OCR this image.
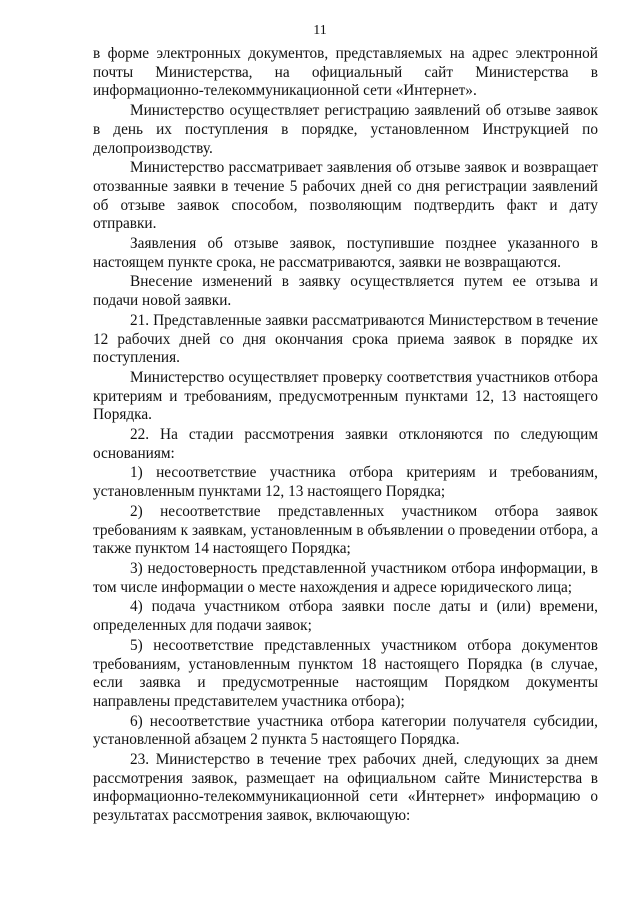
11

в форме электронных документов, представляемых на адрес электронной почты Министерства, на официальный сайт Министерства в информационно-телекоммуникационной сети «Интернет».

Министерство осуществляет регистрацию заявлений об отзыве заявок в день их поступления в порядке, установленном Инструкцией по делопроизводству.

Министерство рассматривает заявления об отзыве заявок и возвращает отозванные заявки в течение 5 рабочих дней со дня регистрации заявлений об отзыве заявок способом, позволяющим подтвердить факт и дату отправки.

Заявления об отзыве заявок, поступившие позднее указанного в настоящем пункте срока, не рассматриваются, заявки не возвращаются.

Внесение изменений в заявку осуществляется путем ее отзыва и подачи новой заявки.

21. Представленные заявки рассматриваются Министерством в течение 12 рабочих дней со дня окончания срока приема заявок в порядке их поступления.

Министерство осуществляет проверку соответствия участников отбора критериям и требованиям, предусмотренным пунктами 12, 13 настоящего Порядка.

22. На стадии рассмотрения заявки отклоняются по следующим основаниям:

1) несоответствие участника отбора критериям и требованиям, установленным пунктами 12, 13 настоящего Порядка;

2) несоответствие представленных участником отбора заявок требованиям к заявкам, установленным в объявлении о проведении отбора, а также пунктом 14 настоящего Порядка;

3) недостоверность представленной участником отбора информации, в том числе информации о месте нахождения и адресе юридического лица;

4) подача участником отбора заявки после даты и (или) времени, определенных для подачи заявок;

5) несоответствие представленных участником отбора документов требованиям, установленным пунктом 18 настоящего Порядка (в случае, если заявка и предусмотренные настоящим Порядком документы направлены представителем участника отбора);

6) несоответствие участника отбора категории получателя субсидии, установленной абзацем 2 пункта 5 настоящего Порядка.

23. Министерство в течение трех рабочих дней, следующих за днем рассмотрения заявок, размещает на официальном сайте Министерства в информационно-телекоммуникационной сети «Интернет» информацию о результатах рассмотрения заявок, включающую:
